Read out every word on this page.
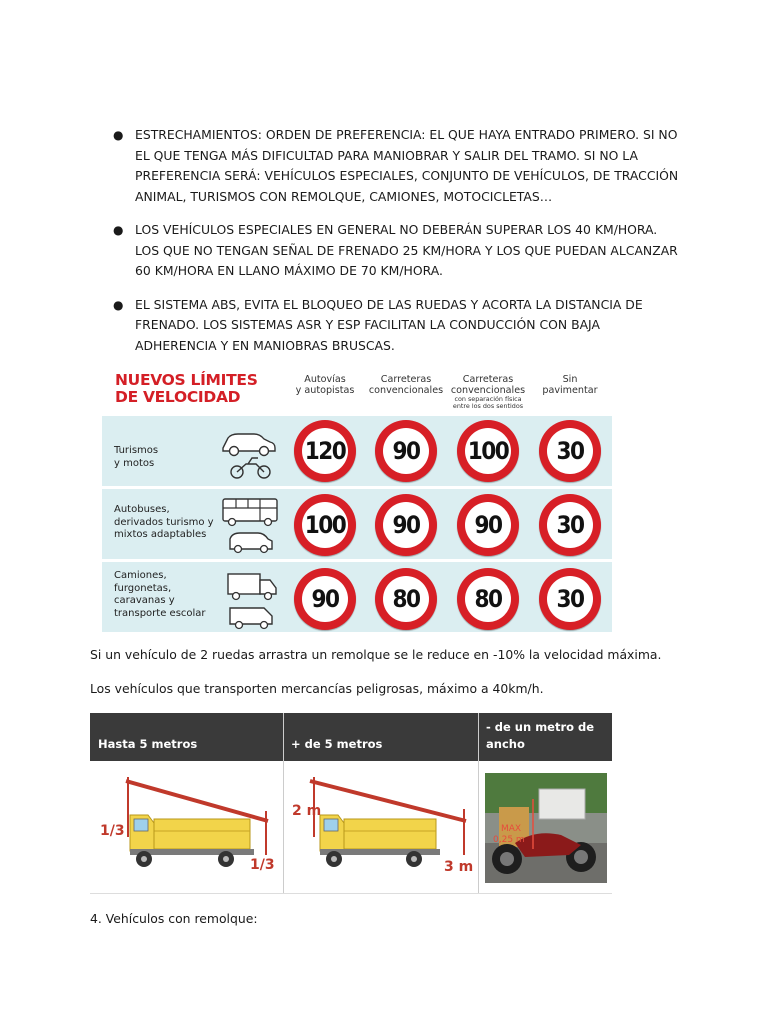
● ESTRECHAMIENTOS: ORDEN DE PREFERENCIA: EL QUE HAYA ENTRADO PRIMERO. SI NO EL QUE TENGA MÁS DIFICULTAD PARA MANIOBRAR Y SALIR DEL TRAMO. SI NO LA PREFERENCIA SERÁ: VEHÍCULOS ESPECIALES, CONJUNTO DE VEHÍCULOS, DE TRACCIÓN ANIMAL, TURISMOS CON REMOLQUE, CAMIONES, MOTOCICLETAS…
● LOS VEHÍCULOS ESPECIALES EN GENERAL NO DEBERÁN SUPERAR LOS 40 KM/HORA. LOS QUE NO TENGAN SEÑAL DE FRENADO 25 KM/HORA Y LOS QUE PUEDAN ALCANZAR 60 KM/HORA EN LLANO MÁXIMO DE 70 KM/HORA.
● EL SISTEMA ABS, EVITA EL BLOQUEO DE LAS RUEDAS Y ACORTA LA DISTANCIA DE FRENADO. LOS SISTEMAS ASR Y ESP FACILITAN LA CONDUCCIÓN CON BAJA ADHERENCIA Y EN MANIOBRAS BRUSCAS.
NUEVOS LÍMITES
DE VELOCIDAD
Autovías
y autopistas
Carreteras
convencionales
Carreteras
convencionales
con separación física
entre los dos sentidos
Sin
pavimentar
Turismos
y motos
Autobuses,
derivados turismo y
mixtos adaptables
Camiones,
furgonetas,
caravanas y
transporte escolar
120 90 100 30
100 90 90 30
90 80 80 30
Si un vehículo de 2 ruedas arrastra un remolque se le reduce en -10% la velocidad máxima.
Los vehículos que transporten mercancías peligrosas, máximo a 40km/h.
Hasta 5 metros	+ de 5 metros
- de un metro de ancho
1/3
1/3
2 m
3 m
MAX 0,25 m
4. Vehículos con remolque:
